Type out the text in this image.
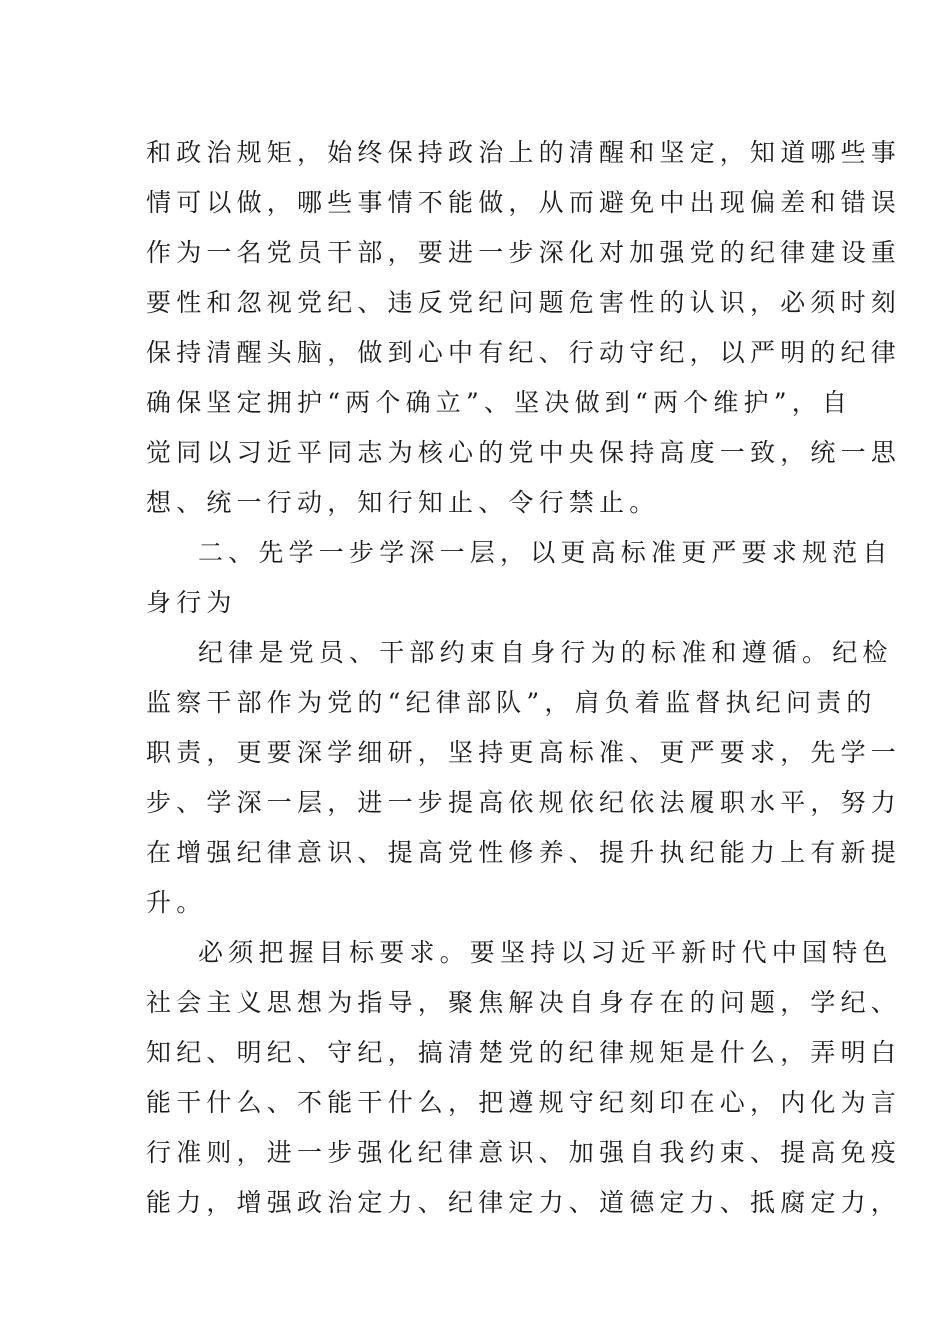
和政治规矩，始终保持政治上的清醒和坚定，知道哪些事

情可以做，哪些事情不能做，从而避免中出现偏差和错误

作为一名党员干部，要进一步深化对加强党的纪律建设重

要性和忽视党纪、违反党纪问题危害性的认识，必须时刻

保持清醒头脑，做到心中有纪、行动守纪，以严明的纪律

确保坚定拥护“两个确立”、坚决做到“两个维护”，自

觉同以习近平同志为核心的党中央保持高度一致，统一思

想、统一行动，知行知止、令行禁止。

二、先学一步学深一层，以更高标准更严要求规范自

身行为

纪律是党员、干部约束自身行为的标准和遵循。纪检

监察干部作为党的“纪律部队”，肩负着监督执纪问责的

职责，更要深学细研，坚持更高标准、更严要求，先学一

步、学深一层，进一步提高依规依纪依法履职水平，努力

在增强纪律意识、提高党性修养、提升执纪能力上有新提

升。

必须把握目标要求。要坚持以习近平新时代中国特色

社会主义思想为指导，聚焦解决自身存在的问题，学纪、

知纪、明纪、守纪，搞清楚党的纪律规矩是什么，弄明白

能干什么、不能干什么，把遵规守纪刻印在心，内化为言

行准则，进一步强化纪律意识、加强自我约束、提高免疫

能力，增强政治定力、纪律定力、道德定力、抵腐定力，
